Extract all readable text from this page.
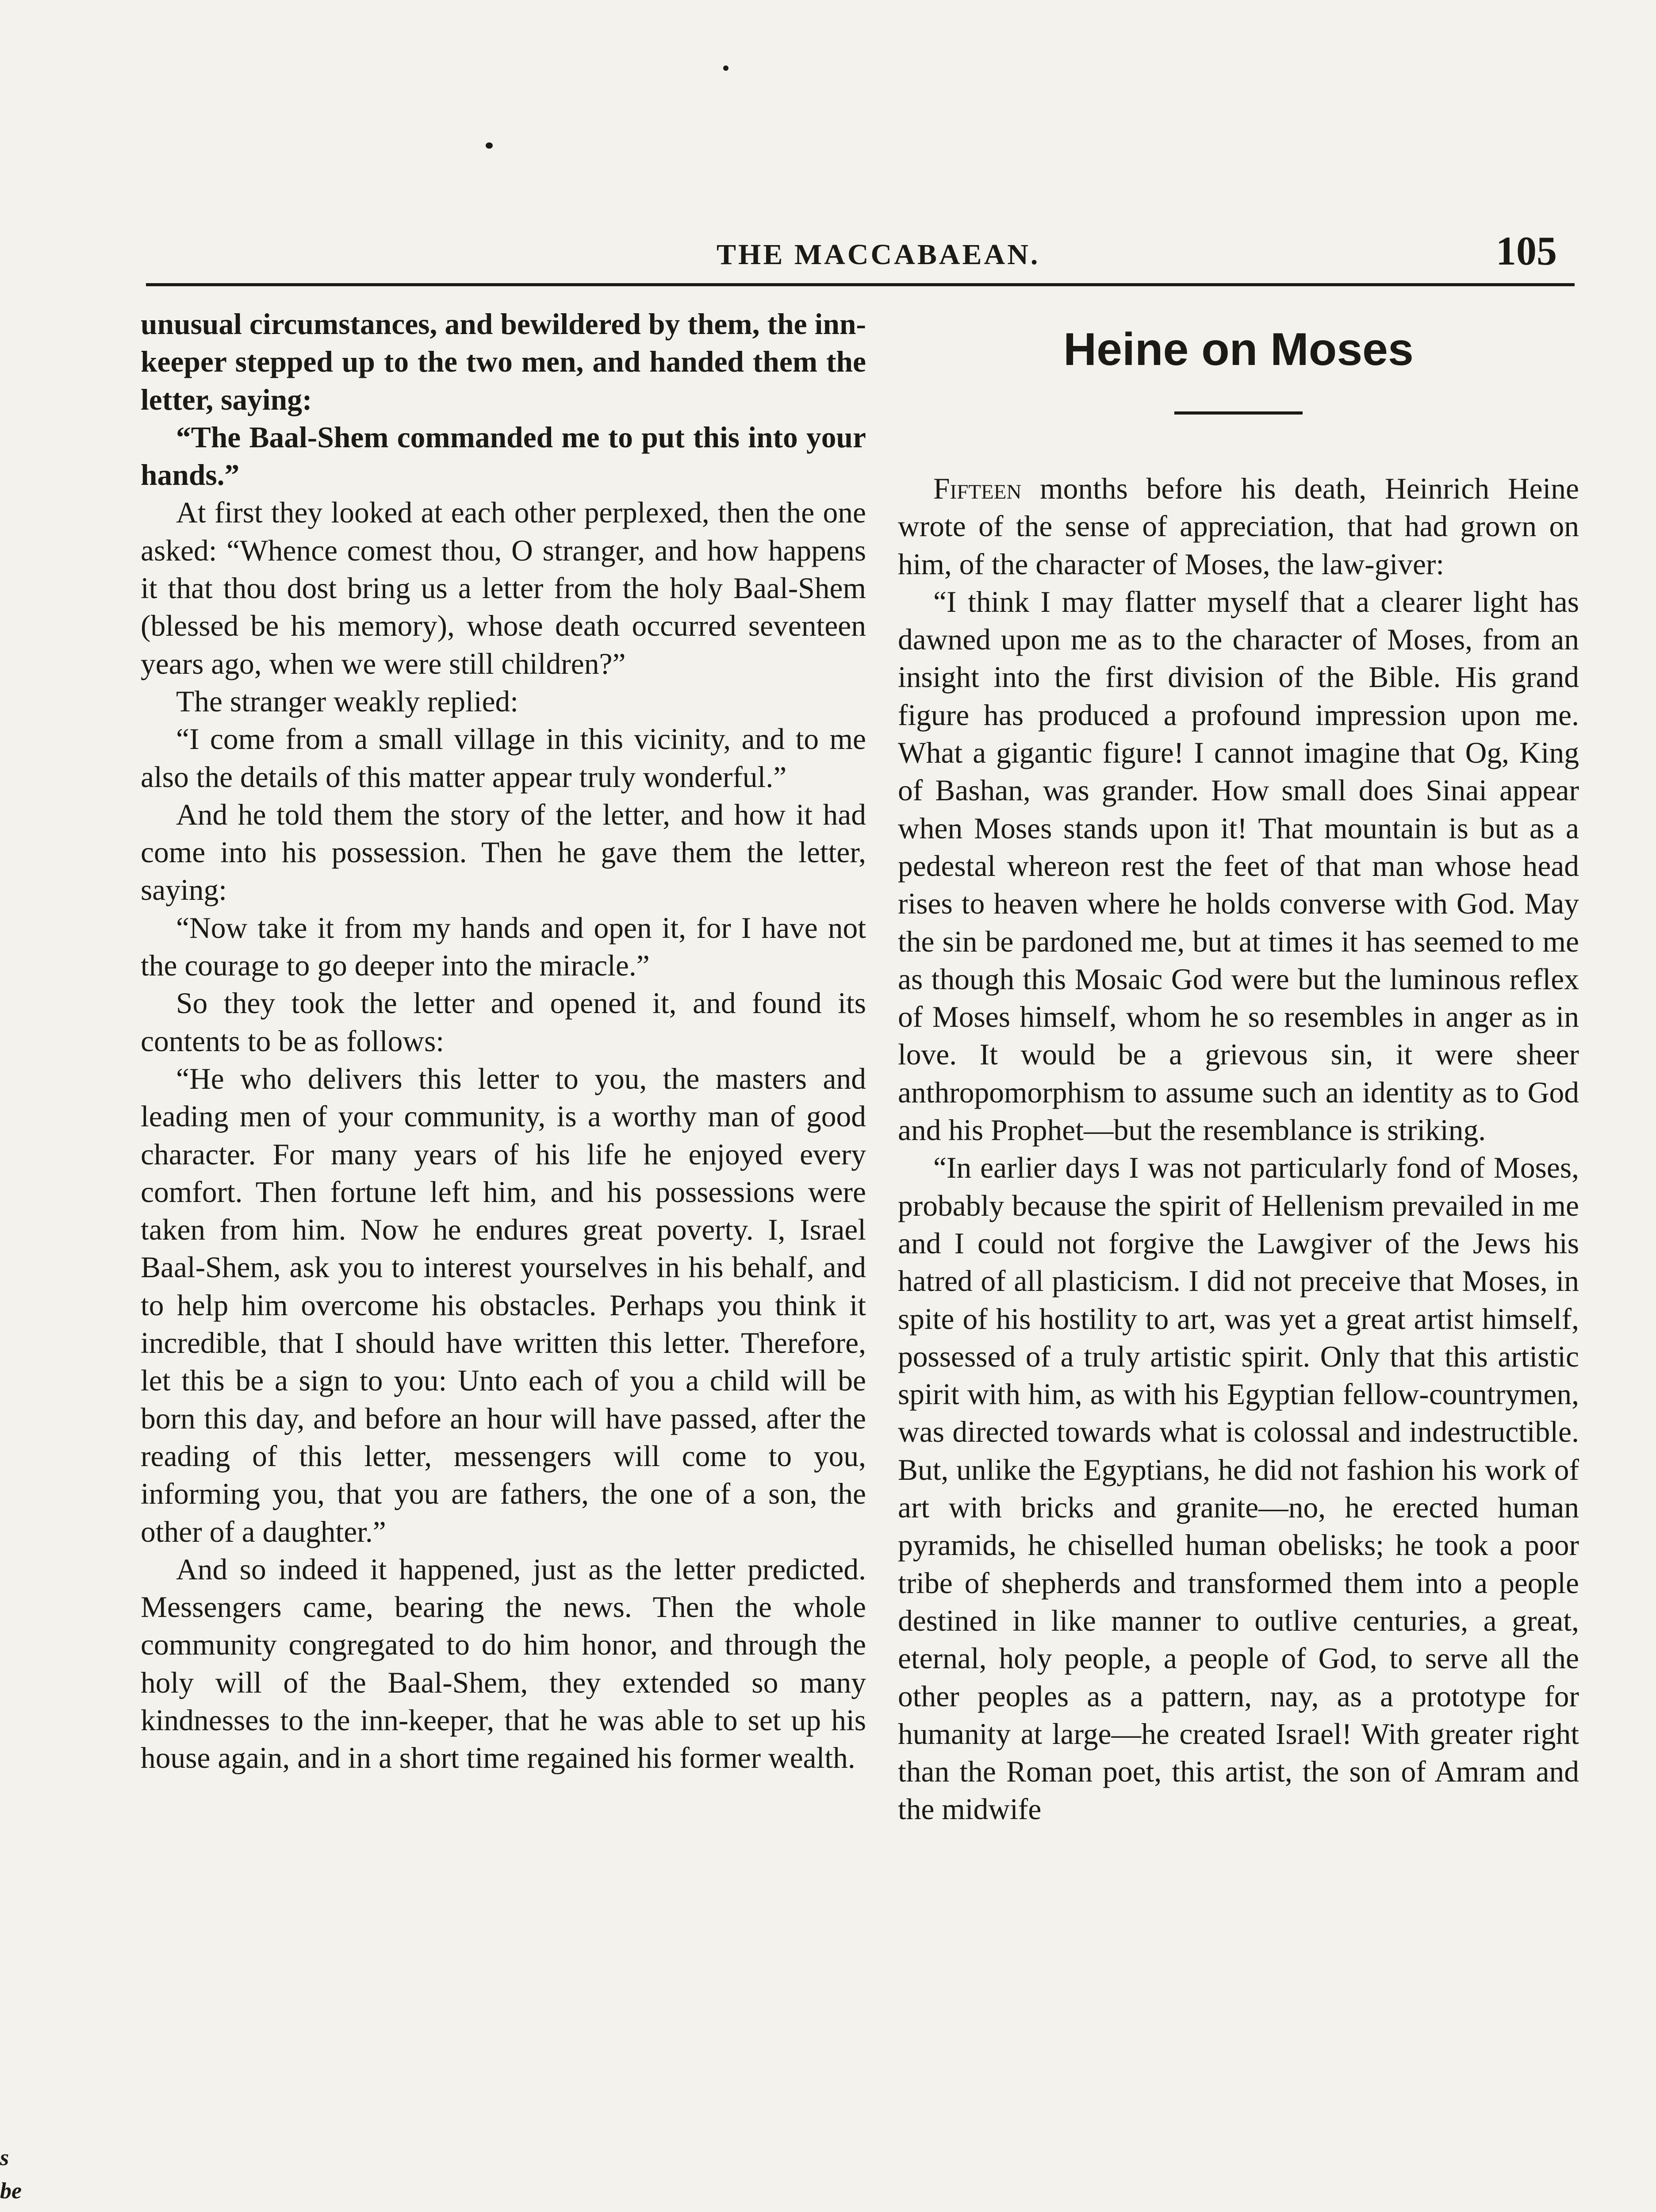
THE MACCABAEAN.	105

unusual circumstances, and bewildered by them, the inn-keeper stepped up to the two men, and handed them the letter, saying:

“The Baal-Shem commanded me to put this into your hands.”

At first they looked at each other perplexed, then the one asked: “Whence comest thou, O stranger, and how happens it that thou dost bring us a letter from the holy Baal-Shem (blessed be his memory), whose death occurred seventeen years ago, when we were still children?”

The stranger weakly replied:

“I come from a small village in this vicinity, and to me also the details of this matter appear truly wonderful.”

And he told them the story of the letter, and how it had come into his possession. Then he gave them the letter, saying:

“Now take it from my hands and open it, for I have not the courage to go deeper into the miracle.”

So they took the letter and opened it, and found its contents to be as follows:

“He who delivers this letter to you, the masters and leading men of your community, is a worthy man of good character. For many years of his life he enjoyed every comfort. Then fortune left him, and his possessions were taken from him. Now he endures great poverty. I, Israel Baal-Shem, ask you to interest yourselves in his behalf, and to help him overcome his obstacles. Perhaps you think it incredible, that I should have written this letter. Therefore, let this be a sign to you: Unto each of you a child will be born this day, and before an hour will have passed, after the reading of this letter, messengers will come to you, informing you, that you are fathers, the one of a son, the other of a daughter.”

And so indeed it happened, just as the letter predicted. Messengers came, bearing the news. Then the whole community congregated to do him honor, and through the holy will of the Baal-Shem, they extended so many kindnesses to the inn-keeper, that he was able to set up his house again, and in a short time regained his former wealth.

Heine on Moses

Fifteen months before his death, Heinrich Heine wrote of the sense of appreciation, that had grown on him, of the character of Moses, the law-giver:

“I think I may flatter myself that a clearer light has dawned upon me as to the character of Moses, from an insight into the first division of the Bible. His grand figure has produced a profound impression upon me. What a gigantic figure! I cannot imagine that Og, King of Bashan, was grander. How small does Sinai appear when Moses stands upon it! That mountain is but as a pedestal whereon rest the feet of that man whose head rises to heaven where he holds converse with God. May the sin be pardoned me, but at times it has seemed to me as though this Mosaic God were but the luminous reflex of Moses himself, whom he so resembles in anger as in love. It would be a grievous sin, it were sheer anthropomorphism to assume such an identity as to God and his Prophet—but the resemblance is striking.

“In earlier days I was not particularly fond of Moses, probably because the spirit of Hellenism prevailed in me and I could not forgive the Lawgiver of the Jews his hatred of all plasticism. I did not preceive that Moses, in spite of his hostility to art, was yet a great artist himself, possessed of a truly artistic spirit. Only that this artistic spirit with him, as with his Egyptian fellow-countrymen, was directed towards what is colossal and indestructible. But, unlike the Egyptians, he did not fashion his work of art with bricks and granite—no, he erected human pyramids, he chiselled human obelisks; he took a poor tribe of shepherds and transformed them into a people destined in like manner to outlive centuries, a great, eternal, holy people, a people of God, to serve all the other peoples as a pattern, nay, as a prototype for humanity at large—he created Israel! With greater right than the Roman poet, this artist, the son of Amram and the midwife

s
be
